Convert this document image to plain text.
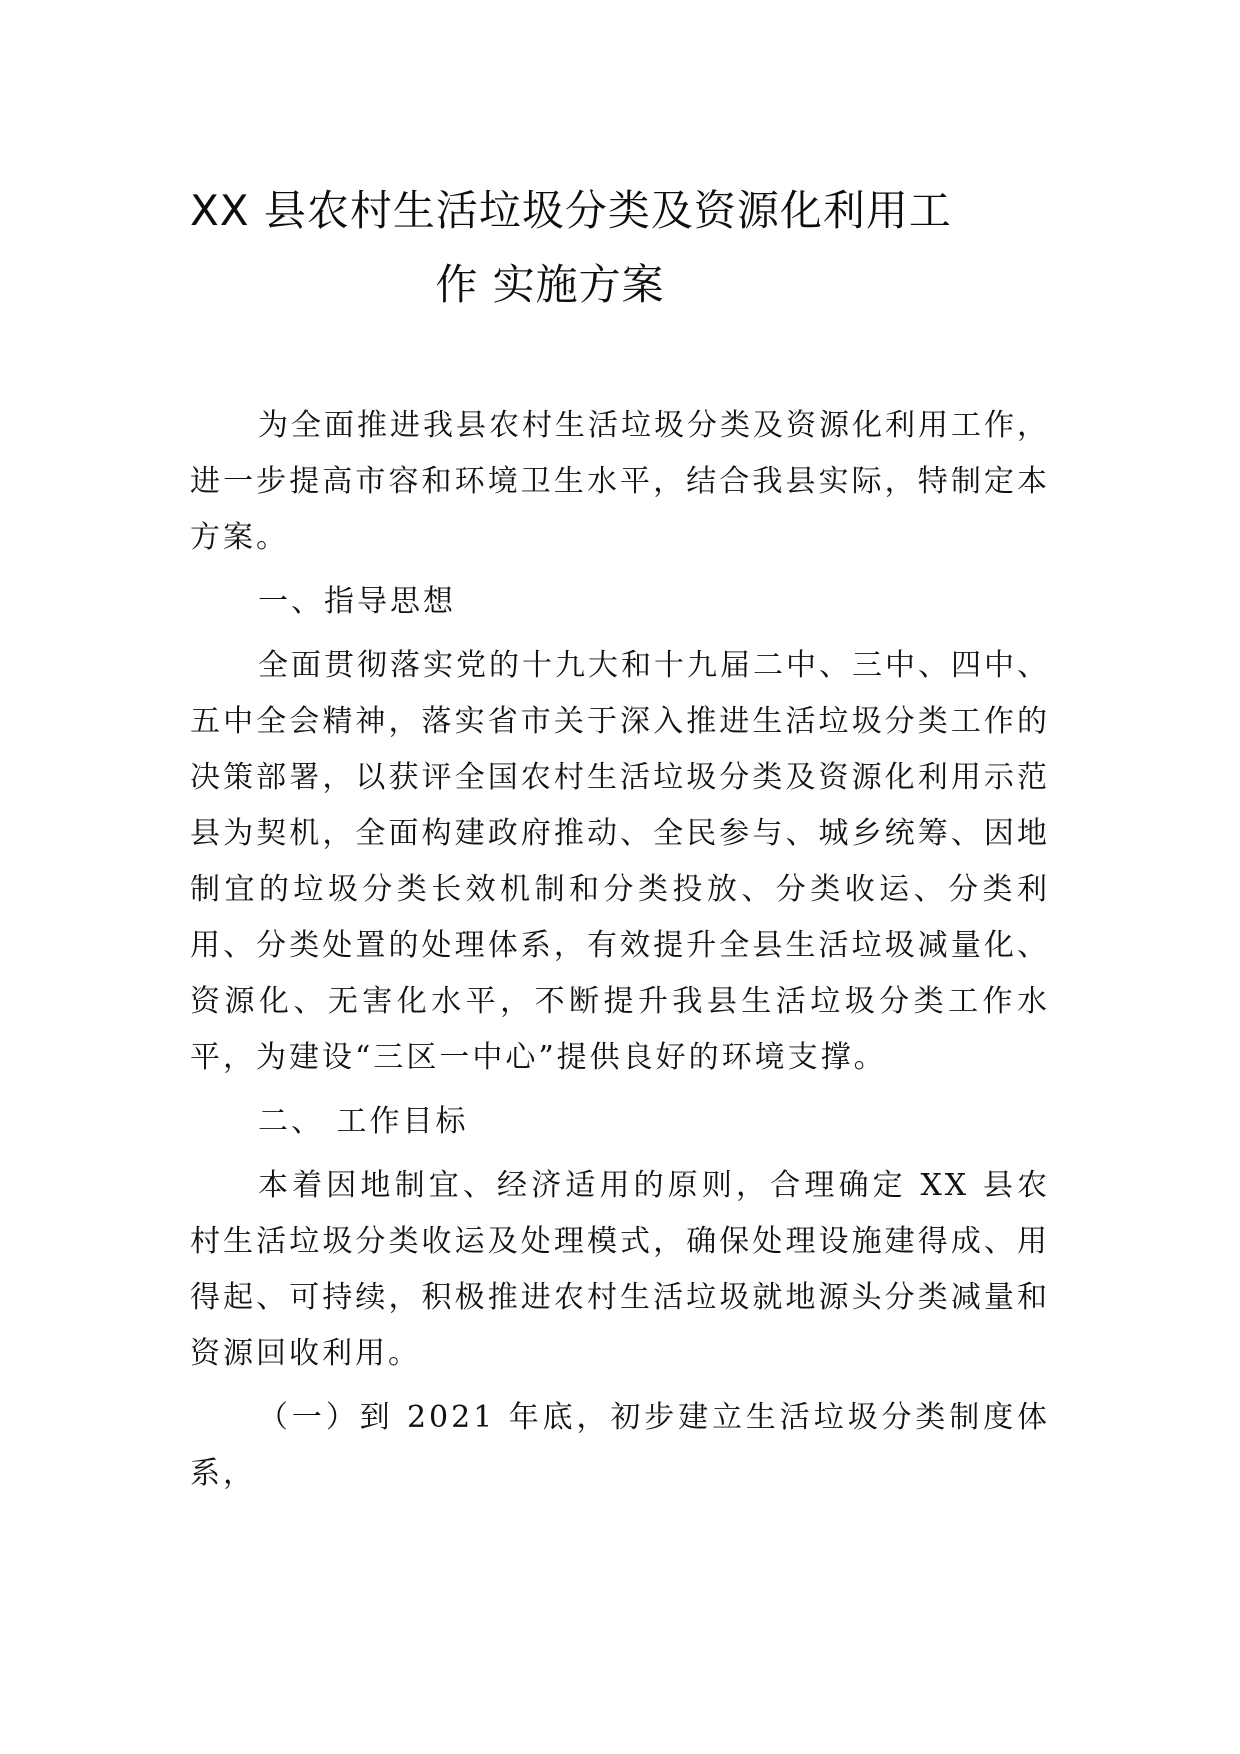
XX 县农村生活垃圾分类及资源化利用工
作 实施方案

为全面推进我县农村生活垃圾分类及资源化利用工作，进一步提高市容和环境卫生水平，结合我县实际，特制定本方案。

一、指导思想

全面贯彻落实党的十九大和十九届二中、三中、四中、五中全会精神，落实省市关于深入推进生活垃圾分类工作的决策部署，以获评全国农村生活垃圾分类及资源化利用示范县为契机，全面构建政府推动、全民参与、城乡统筹、因地制宜的垃圾分类长效机制和分类投放、分类收运、分类利用、分类处置的处理体系，有效提升全县生活垃圾减量化、资源化、无害化水平，不断提升我县生活垃圾分类工作水平，为建设“三区一中心”提供良好的环境支撑。

二、 工作目标

本着因地制宜、经济适用的原则，合理确定 XX 县农村生活垃圾分类收运及处理模式，确保处理设施建得成、用得起、可持续，积极推进农村生活垃圾就地源头分类减量和资源回收利用。

（一）到 2021 年底，初步建立生活垃圾分类制度体系，
